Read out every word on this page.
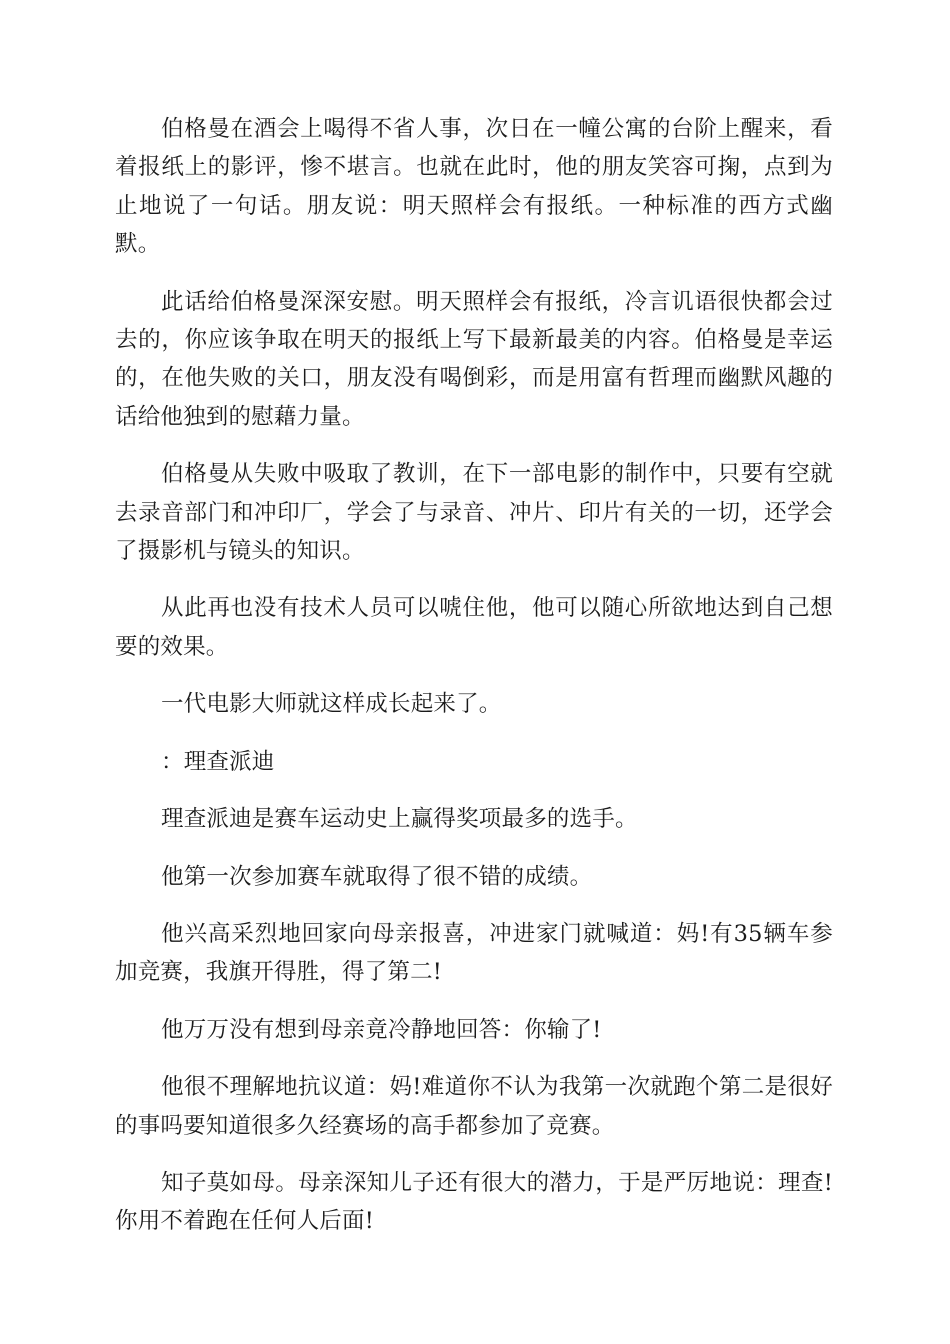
伯格曼在酒会上喝得不省人事，次日在一幢公寓的台阶上醒来，看着报纸上的影评，惨不堪言。也就在此时，他的朋友笑容可掬，点到为止地说了一句话。朋友说：明天照样会有报纸。一种标准的西方式幽默。

此话给伯格曼深深安慰。明天照样会有报纸，冷言讥语很快都会过去的，你应该争取在明天的报纸上写下最新最美的内容。伯格曼是幸运的，在他失败的关口，朋友没有喝倒彩，而是用富有哲理而幽默风趣的话给他独到的慰藉力量。

伯格曼从失败中吸取了教训，在下一部电影的制作中，只要有空就去录音部门和冲印厂，学会了与录音、冲片、印片有关的一切，还学会了摄影机与镜头的知识。

从此再也没有技术人员可以唬住他，他可以随心所欲地达到自己想要的效果。

一代电影大师就这样成长起来了。

：理查派迪

理查派迪是赛车运动史上赢得奖项最多的选手。

他第一次参加赛车就取得了很不错的成绩。

他兴高采烈地回家向母亲报喜，冲进家门就喊道：妈!有35辆车参加竞赛，我旗开得胜，得了第二!

他万万没有想到母亲竟冷静地回答：你输了!

他很不理解地抗议道：妈!难道你不认为我第一次就跑个第二是很好的事吗要知道很多久经赛场的高手都参加了竞赛。

知子莫如母。母亲深知儿子还有很大的潜力，于是严厉地说：理查!你用不着跑在任何人后面!
